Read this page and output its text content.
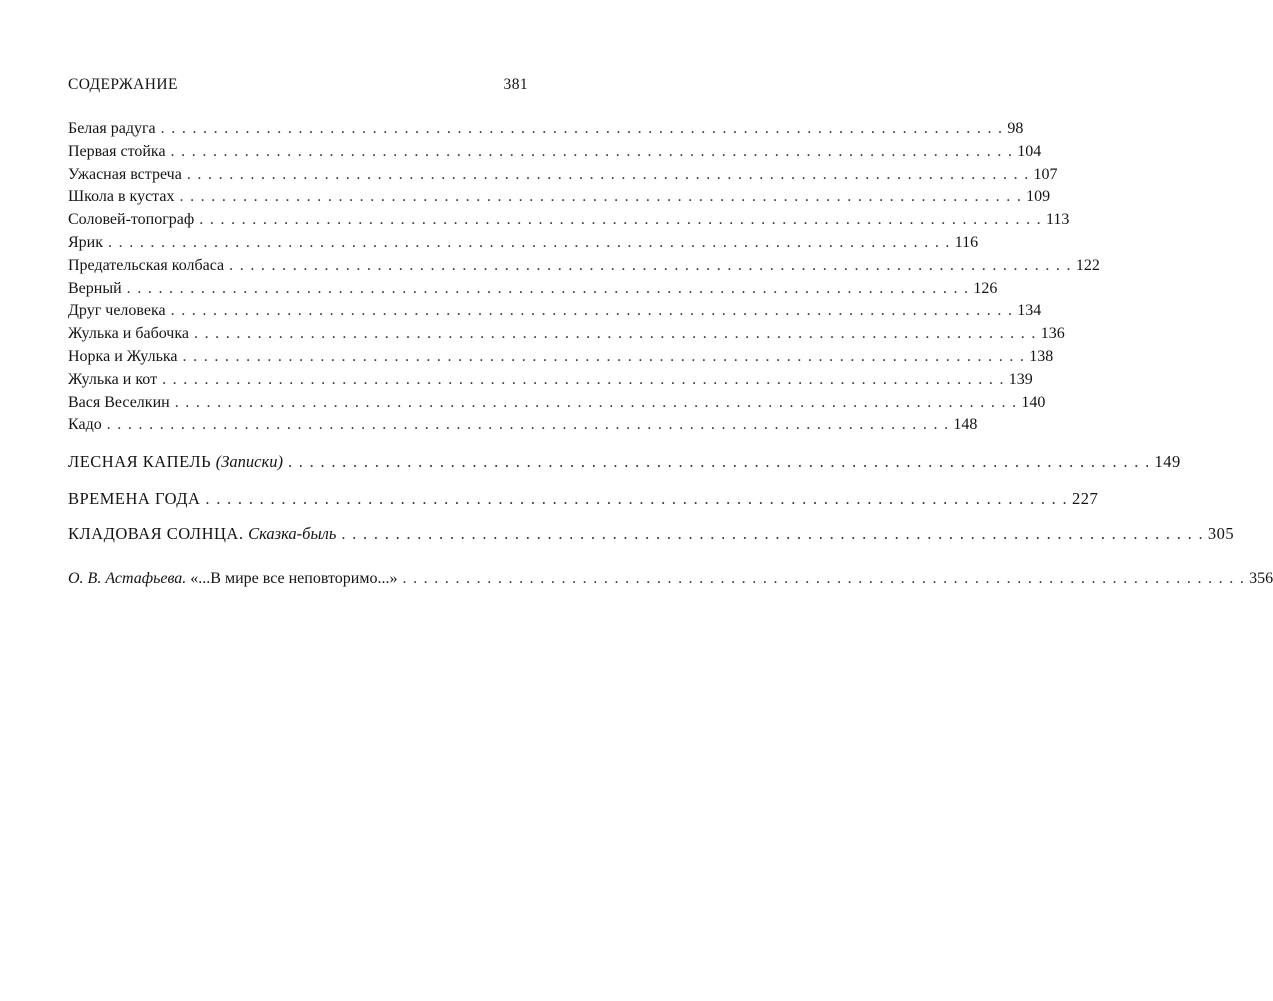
СОДЕРЖАНИЕ	381
Белая радуга . . . . . . . . . . . . . . . . . . . . . . . . . . . . . . . . . . . . . . . . . . . . . . . . . . . . . . . . . . . . . . . . . . . . . . . . . . . . . . . . 98
Первая стойка . . . . . . . . . . . . . . . . . . . . . . . . . . . . . . . . . . . . . . . . . . . . . . . . . . . . . . . . . . . . . . . . . . . . . . . . . . . . . . . . 104
Ужасная встреча . . . . . . . . . . . . . . . . . . . . . . . . . . . . . . . . . . . . . . . . . . . . . . . . . . . . . . . . . . . . . . . . . . . . . . . . . . . . . . . . 107
Школа в кустах . . . . . . . . . . . . . . . . . . . . . . . . . . . . . . . . . . . . . . . . . . . . . . . . . . . . . . . . . . . . . . . . . . . . . . . . . . . . . . . . 109
Соловей-топограф . . . . . . . . . . . . . . . . . . . . . . . . . . . . . . . . . . . . . . . . . . . . . . . . . . . . . . . . . . . . . . . . . . . . . . . . . . . . . . . . 113
Ярик . . . . . . . . . . . . . . . . . . . . . . . . . . . . . . . . . . . . . . . . . . . . . . . . . . . . . . . . . . . . . . . . . . . . . . . . . . . . . . . . 116
Предательская колбаса . . . . . . . . . . . . . . . . . . . . . . . . . . . . . . . . . . . . . . . . . . . . . . . . . . . . . . . . . . . . . . . . . . . . . . . . . . . . . . . . 122
Верный . . . . . . . . . . . . . . . . . . . . . . . . . . . . . . . . . . . . . . . . . . . . . . . . . . . . . . . . . . . . . . . . . . . . . . . . . . . . . . . . 126
Друг человека . . . . . . . . . . . . . . . . . . . . . . . . . . . . . . . . . . . . . . . . . . . . . . . . . . . . . . . . . . . . . . . . . . . . . . . . . . . . . . . . 134
Жулька и бабочка . . . . . . . . . . . . . . . . . . . . . . . . . . . . . . . . . . . . . . . . . . . . . . . . . . . . . . . . . . . . . . . . . . . . . . . . . . . . . . . . 136
Норка и Жулька . . . . . . . . . . . . . . . . . . . . . . . . . . . . . . . . . . . . . . . . . . . . . . . . . . . . . . . . . . . . . . . . . . . . . . . . . . . . . . . . 138
Жулька и кот . . . . . . . . . . . . . . . . . . . . . . . . . . . . . . . . . . . . . . . . . . . . . . . . . . . . . . . . . . . . . . . . . . . . . . . . . . . . . . . . 139
Вася Веселкин . . . . . . . . . . . . . . . . . . . . . . . . . . . . . . . . . . . . . . . . . . . . . . . . . . . . . . . . . . . . . . . . . . . . . . . . . . . . . . . . 140
Кадо . . . . . . . . . . . . . . . . . . . . . . . . . . . . . . . . . . . . . . . . . . . . . . . . . . . . . . . . . . . . . . . . . . . . . . . . . . . . . . . . 148
ЛЕСНАЯ КАПЕЛЬ (Записки) . . . . . . . . . . . . . . . . . . . . . . . . . . . . . . . . . . . . . . . . . . . . . . . . . . . . . . . . . . . . . . . . . . . . . . . . . . . . . . . . 149
ВРЕМЕНА ГОДА . . . . . . . . . . . . . . . . . . . . . . . . . . . . . . . . . . . . . . . . . . . . . . . . . . . . . . . . . . . . . . . . . . . . . . . . . . . . . . . . 227
КЛАДОВАЯ СОЛНЦА. Сказка-быль . . . . . . . . . . . . . . . . . . . . . . . . . . . . . . . . . . . . . . . . . . . . . . . . . . . . . . . . . . . . . . . . . . . . . . . . . . . . . . . . 305
О. В. Астафьева. «...В мире все неповторимо...» . . . . . . . . . . . . . . . . . . . . . . . . . . . . . . . . . . . . . . . . . . . . . . . . . . . . . . . . . . . . . . . . . . . . . . . . . . . . . . . . 356
